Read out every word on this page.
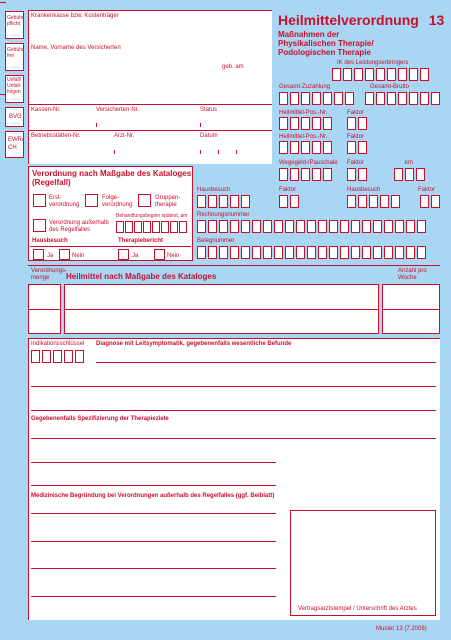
Gebühr pflicht
Gebühr frei
Unfall/ Unfall- folgen
BVG
EWR/ CH
Krankenkasse bzw. Kostenträger
Name, Vorname des Versicherten
geb. am
Kassen-Nr.	Versicherten-Nr.	Status
Betriebsstätten-Nr.	Arzt-Nr.	Datum
Heilmittelverordnung 13
Maßnahmen der
Physikalischen Therapie/
Podologischen Therapie
IK des Leistungserbringers
Gesamt-Zuzahlung	Gesamt-Brutto
Heilmittel-Pos.-Nr.	Faktor
Heilmittel-Pos.-Nr.	Faktor
Wegegeld-/Pauschale Faktor	km
Hausbesuch	Faktor	Hausbesuch	Faktor
Rechnungsnummer
Belegnummer
Verordnung nach Maßgabe des Kataloges
(Regelfall)
Erst- verordnung
Folge- verordnung
Gruppen- therapie
Behandlungsbeginn spätest. am
Verordnung außerhalb des Regelfalles
Hausbesuch	Therapiebericht
Ja	Nein	Ja	Nein
Verordnungs- menge	Heilmittel nach Maßgabe des Kataloges
Anzahl pro Woche
Indikationsschlüssel Diagnose mit Leitsymptomatik, gegebenenfalls wesentliche Befunde
Gegebenenfalls Spezifizierung der Therapieziele
Medizinische Begründung bei Verordnungen außerhalb des Regelfalles (ggf. Beiblatt)
Vertragsarztstempel / Unterschrift des Arztes
Muster 13 (7.2008)
